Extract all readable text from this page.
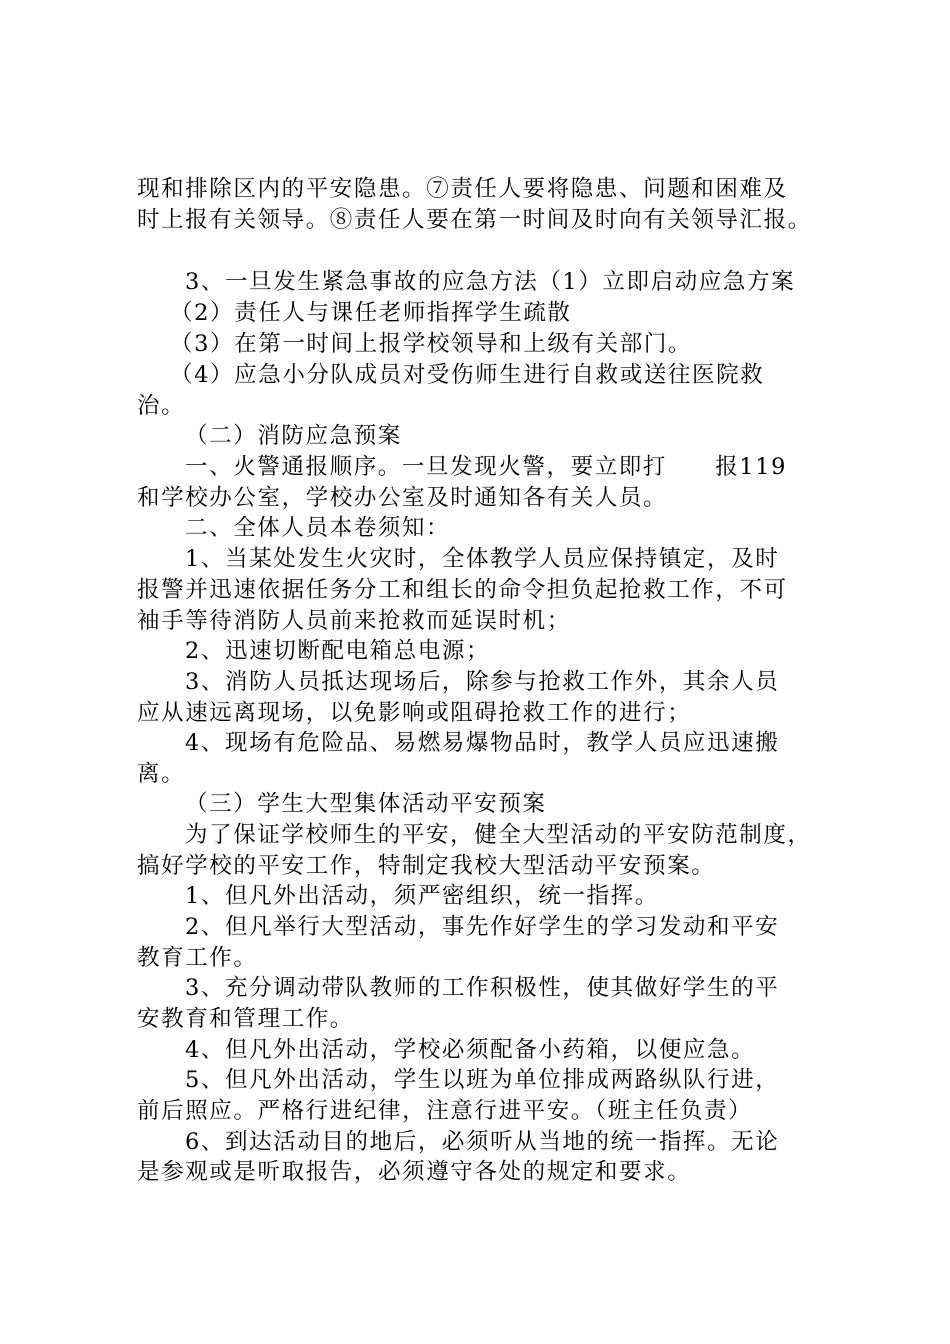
现和排除区内的平安隐患。⑦责任人要将隐患、问题和困难及
时上报有关领导。⑧责任人要在第一时间及时向有关领导汇报。
3、一旦发生紧急事故的应急方法（1）立即启动应急方案
（2）责任人与课任老师指挥学生疏散
（3）在第一时间上报学校领导和上级有关部门。
（4）应急小分队成员对受伤师生进行自救或送往医院救
治。
（二）消防应急预案
一、火警通报顺序。一旦发现火警，要立即打　　报119
和学校办公室，学校办公室及时通知各有关人员。
二、全体人员本卷须知：
1、当某处发生火灾时，全体教学人员应保持镇定，及时
报警并迅速依据任务分工和组长的命令担负起抢救工作，不可
袖手等待消防人员前来抢救而延误时机；
2、迅速切断配电箱总电源；
3、消防人员抵达现场后，除参与抢救工作外，其余人员
应从速远离现场，以免影响或阻碍抢救工作的进行；
4、现场有危险品、易燃易爆物品时，教学人员应迅速搬
离。
（三）学生大型集体活动平安预案
为了保证学校师生的平安，健全大型活动的平安防范制度，
搞好学校的平安工作，特制定我校大型活动平安预案。
1、但凡外出活动，须严密组织，统一指挥。
2、但凡举行大型活动，事先作好学生的学习发动和平安
教育工作。
3、充分调动带队教师的工作积极性，使其做好学生的平
安教育和管理工作。
4、但凡外出活动，学校必须配备小药箱，以便应急。
5、但凡外出活动，学生以班为单位排成两路纵队行进，
前后照应。严格行进纪律，注意行进平安。（班主任负责）
6、到达活动目的地后，必须听从当地的统一指挥。无论
是参观或是听取报告，必须遵守各处的规定和要求。
